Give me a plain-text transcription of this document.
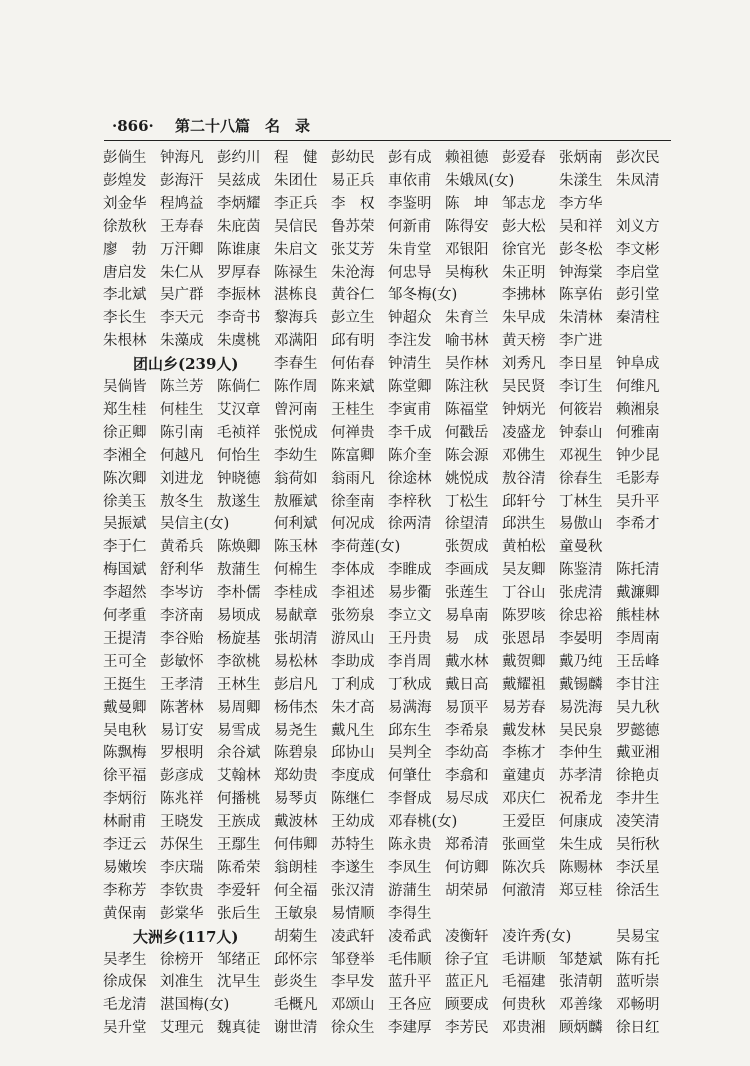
·866· 第二十八篇　名　录
彭倘生 钟海凡 彭约川 程　健 彭幼民 彭有成 赖祖德 彭爱春 张炳南 彭次民
彭煌发 彭海汗 吴兹成 朱团仕 易正兵 車依甫 朱娥凤(女)	朱漾生 朱凤清
刘金华 程鸠益 李炳耀 李正兵 李　权 李鉴明 陈　坤 邹志龙 李方华
徐敖秋 王寿春 朱庇茵 吴信民 鲁苏荣 何新甫 陈得安 彭大松 吴和祥 刘义方
廖　勃 万汗卿 陈谁康 朱启文 张艾芳 朱肯堂 邓银阳 徐官光 彭冬松 李文彬
唐启发 朱仁从 罗厚春 陈禄生 朱沧海 何忠导 吴梅秋 朱正明 钟海棠 李启堂
李北斌 吴广群 李振林 湛栋良 黄谷仁 邹冬梅(女)	李拂林 陈享佑 彭引堂
李长生 李天元 李奇书 黎海兵 彭立生 钟超众 朱育兰 朱早成 朱清林 秦清柱
朱根林 朱藻成 朱虞桃 邓满阳 邱有明 李注发 喻书林 黄天榜 李广进
团山乡(239人) 李春生 何佑春 钟清生 吴作林 刘秀凡 李日星 钟阜成
吴倘皆 陈兰芳 陈倘仁 陈作周 陈来斌 陈堂卿 陈注秋 吴民贤 李订生 何维凡
郑生桂 何桂生 艾汉章 曾河南 王桂生 李寅甫 陈福堂 钟炳光 何筱岩 赖湘泉
徐正卿 陈引南 毛祯祥 张悦成 何禅贵 李千成 何戳岳 凌盛龙 钟泰山 何雅南
李湘全 何越凡 何怡生 李幼生 陈富卿 陈介奎 陈会源 邓佛生 邓视生 钟少昆
陈次卿 刘进龙 钟晓德 翁荷如 翁雨凡 徐途林 姚悦成 敖谷清 徐春生 毛影寿
徐美玉 敖冬生 敖遂生 敖雁斌 徐奎南 李梓秋 丁松生 邱轩兮 丁林生 吴升平
吴振斌 吴信主(女)	何利斌 何况成 徐两清 徐望清 邱洪生 易傲山 李希才
李于仁 黄希兵 陈焕卿 陈玉林 李荷莲(女)	张贺成 黄柏松 童曼秋
梅国斌 舒利华 敖蒲生 何棉生 李体成 李睢成 李画成 吴友卿 陈鉴清 陈托清
李超然 李岑访 李朴儒 李桂成 李祖述 易步衢 张莲生 丁谷山 张虎清 戴濂卿
何孝重 李济南 易顷成 易献章 张笏泉 李立文 易阜南 陈罗咳 徐忠裕 熊桂林
王提清 李谷贻 杨旋基 张胡清 游凤山 王丹贵 易　成 张恩昂 李晏明 李周南
王可全 彭敏怀 李欲桃 易松林 李助成 李肖周 戴水林 戴贺卿 戴乃纯 王岳峰
王挺生 王孝清 王林生 彭启凡 丁利成 丁秋成 戴日高 戴耀祖 戴锡麟 李甘注
戴曼卿 陈著林 易周卿 杨伟杰 朱才高 易满海 易顶平 易芳春 易洗海 吴九秋
吴电秋 易订安 易雪成 易尧生 戴凡生 邱东生 李希泉 戴发林 吴民泉 罗懿德
陈飘梅 罗根明 余谷斌 陈碧泉 邱协山 吴判全 李幼高 李栋才 李仲生 戴亚湘
徐平福 彭彦成 艾翰林 郑幼贵 李度成 何肇仕 李翕和 童建贞 苏孝清 徐艳贞
李炳衍 陈兆祥 何播桃 易琴贞 陈继仁 李督成 易尽成 邓庆仁 祝希龙 李井生
林耐甫 王晓发 王族成 戴波林 王幼成 邓春桃(女)	王爱臣 何康成 凌笑清
李迂云 苏保生 王鄢生 何伟卿 苏特生 陈永贵 郑希清 张画堂 朱生成 吴衎秋
易嫩埃 李庆瑞 陈希荣 翁朗桂 李遂生 李凤生 何访卿 陈次兵 陈赐林 李沃星
李称芳 李钦贵 李爱轩 何全福 张汉清 游蒲生 胡荣昴 何澈清 郑豆桂 徐活生
黄保南 彭棠华 张后生 王敏泉 易情顺 李得生
大洲乡(117人) 胡菊生 凌武轩 凌希武 凌衡轩 凌许秀(女)	吴易宝
吴孝生 徐榜开 邹绪正 邱怀宗 邹登举 毛伟顺 徐子宜 毛讲顺 邹楚斌 陈有托
徐成保 刘准生 沈早生 彭炎生 李早发 蓝升平 蓝正凡 毛福建 张清朝 蓝听崇
毛龙清 湛国梅(女)	毛概凡 邓颂山 王各应 顾要成 何贵秋 邓善缘 邓畅明
吴升堂 艾理元 魏真徒 谢世清 徐众生 李建厚 李芳民 邓贵湘 顾炳麟 徐日红
